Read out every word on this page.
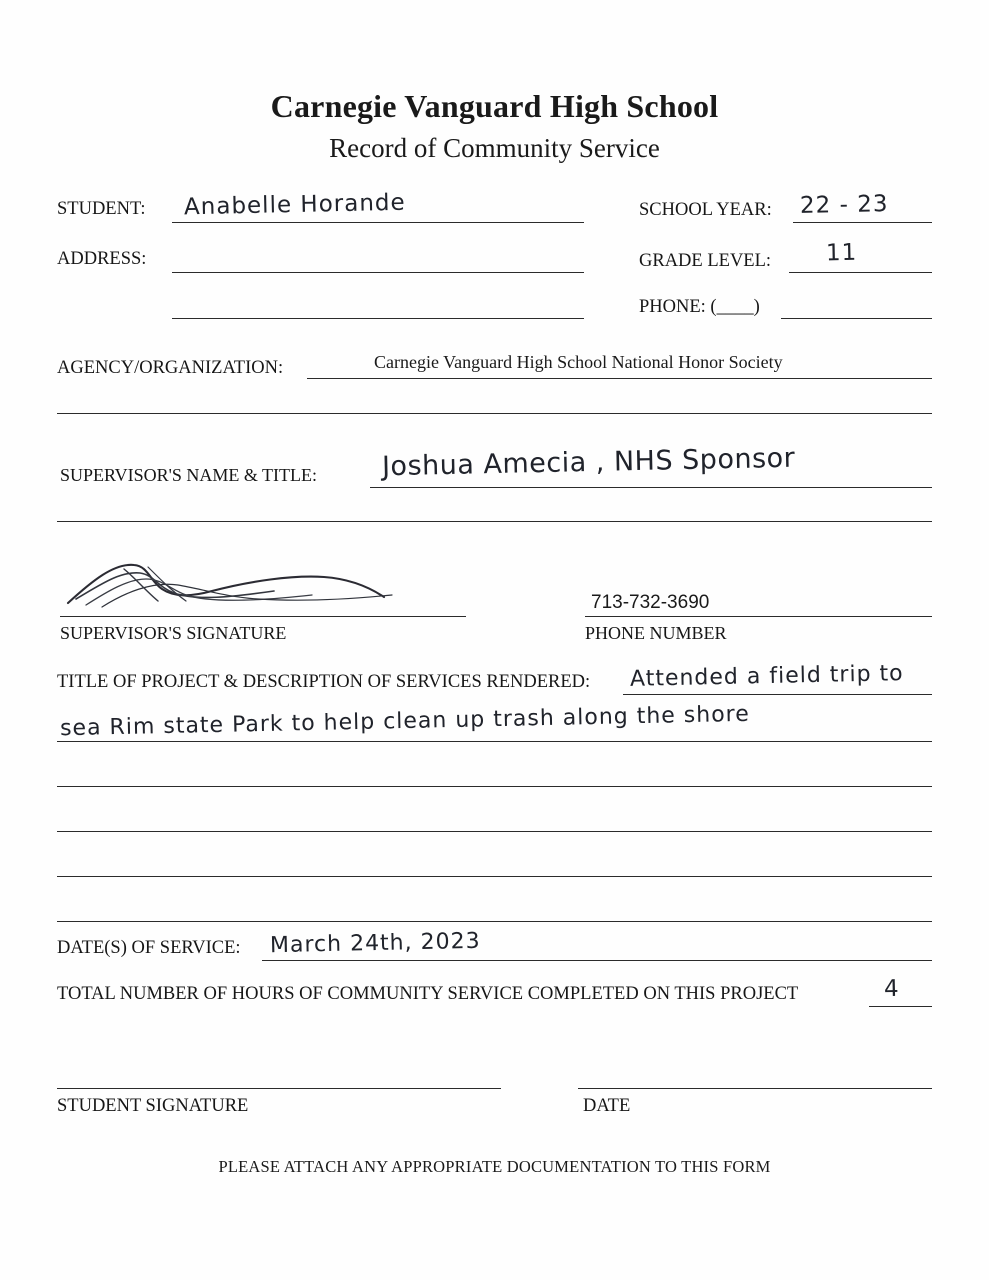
Carnegie Vanguard High School
Record of Community Service
STUDENT: Anabelle Horande	SCHOOL YEAR: 22 - 23
ADDRESS:	GRADE LEVEL: 11
PHONE: (____)
AGENCY/ORGANIZATION:	Carnegie Vanguard High School National Honor Society
SUPERVISOR'S NAME & TITLE: Joshua Amecia , NHS Sponsor
SUPERVISOR'S SIGNATURE
713-732-3690
PHONE NUMBER
TITLE OF PROJECT & DESCRIPTION OF SERVICES RENDERED: Attended a field trip to
sea Rim state Park to help clean up trash along the shore
DATE(S) OF SERVICE: March 24th, 2023
TOTAL NUMBER OF HOURS OF COMMUNITY SERVICE COMPLETED ON THIS PROJECT	4
STUDENT SIGNATURE	DATE
PLEASE ATTACH ANY APPROPRIATE DOCUMENTATION TO THIS FORM
